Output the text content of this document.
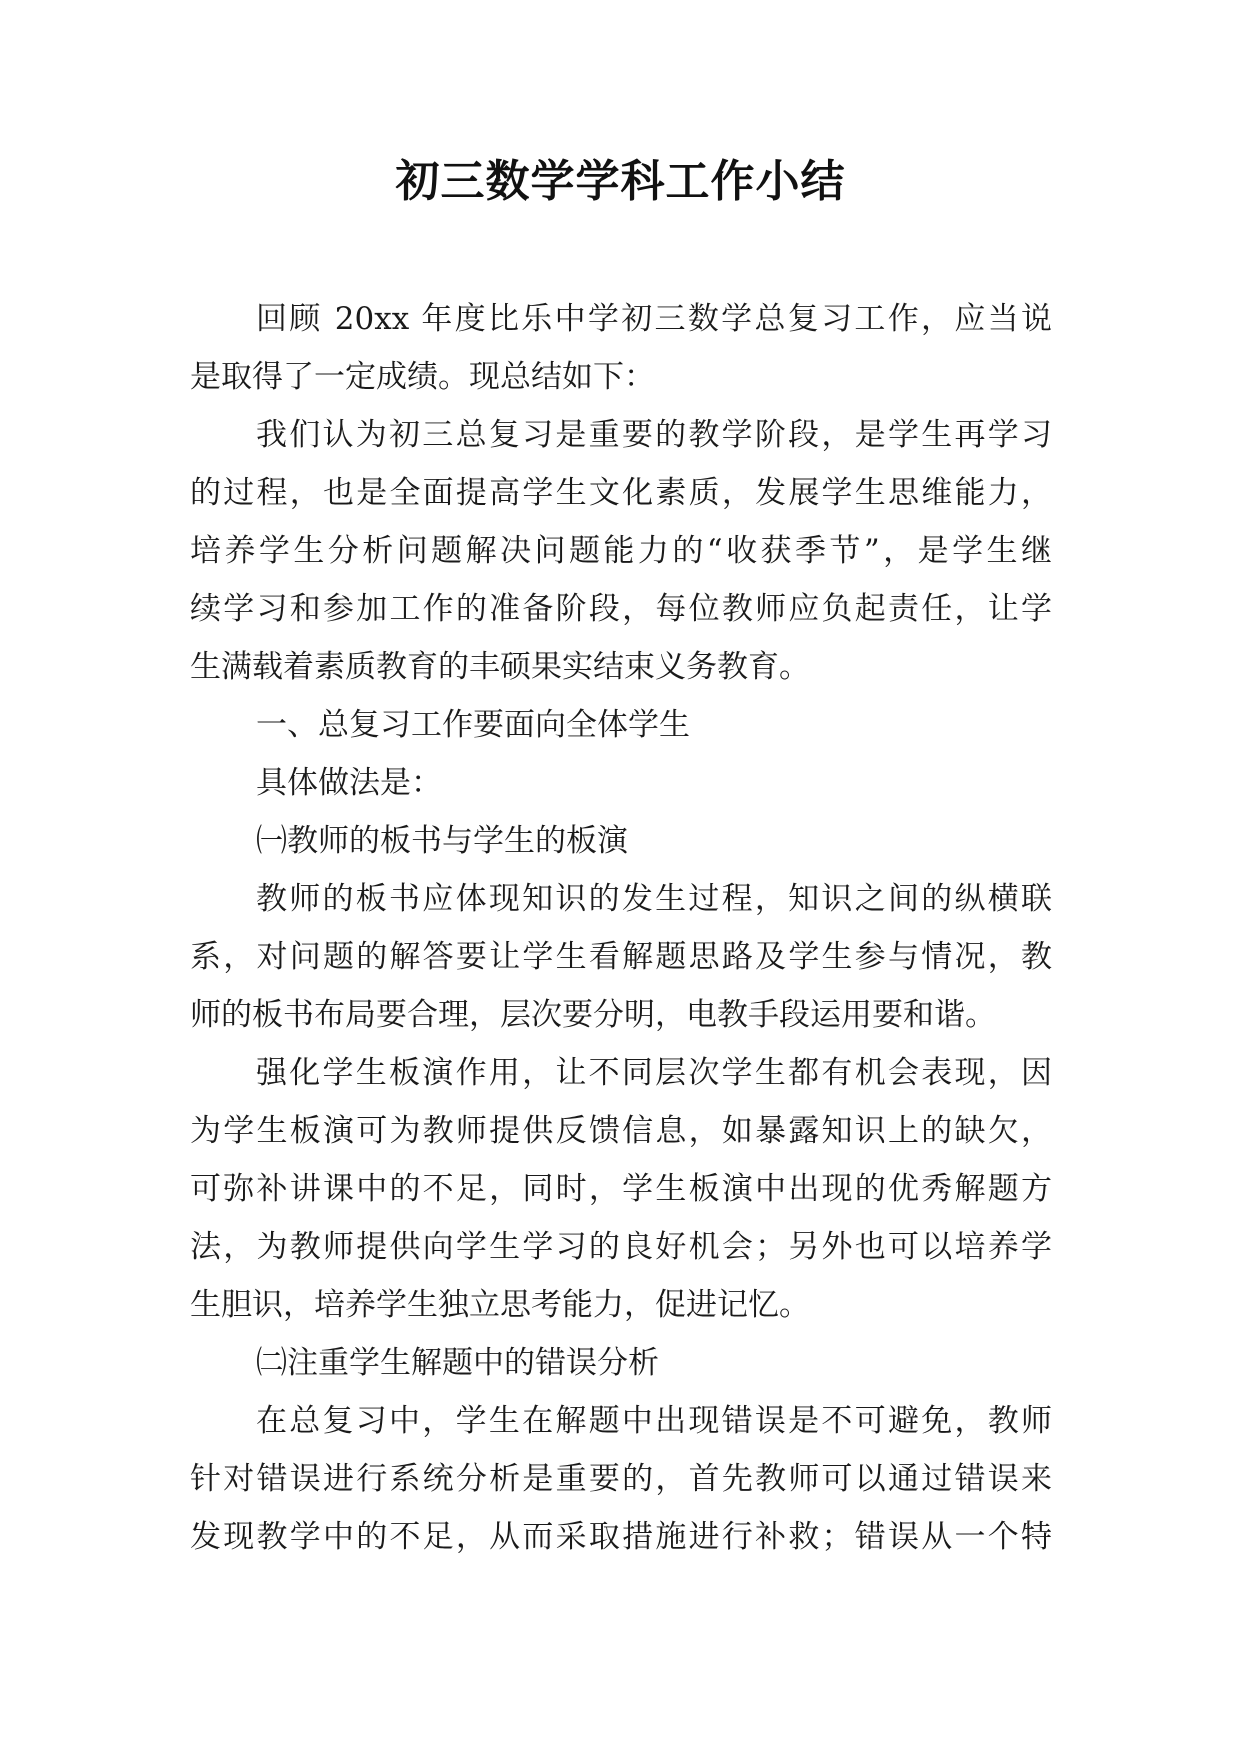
初三数学学科工作小结
回顾 20xx 年度比乐中学初三数学总复习工作，应当说
是取得了一定成绩。现总结如下：
我们认为初三总复习是重要的教学阶段，是学生再学习
的过程，也是全面提高学生文化素质，发展学生思维能力，
培养学生分析问题解决问题能力的“收获季节”，是学生继
续学习和参加工作的准备阶段，每位教师应负起责任，让学
生满载着素质教育的丰硕果实结束义务教育。
一、总复习工作要面向全体学生
具体做法是：
㈠教师的板书与学生的板演
教师的板书应体现知识的发生过程，知识之间的纵横联
系，对问题的解答要让学生看解题思路及学生参与情况，教
师的板书布局要合理，层次要分明，电教手段运用要和谐。
强化学生板演作用，让不同层次学生都有机会表现，因
为学生板演可为教师提供反馈信息，如暴露知识上的缺欠，
可弥补讲课中的不足，同时，学生板演中出现的优秀解题方
法，为教师提供向学生学习的良好机会；另外也可以培养学
生胆识，培养学生独立思考能力，促进记忆。
㈡注重学生解题中的错误分析
在总复习中，学生在解题中出现错误是不可避免，教师
针对错误进行系统分析是重要的，首先教师可以通过错误来
发现教学中的不足，从而采取措施进行补救；错误从一个特
